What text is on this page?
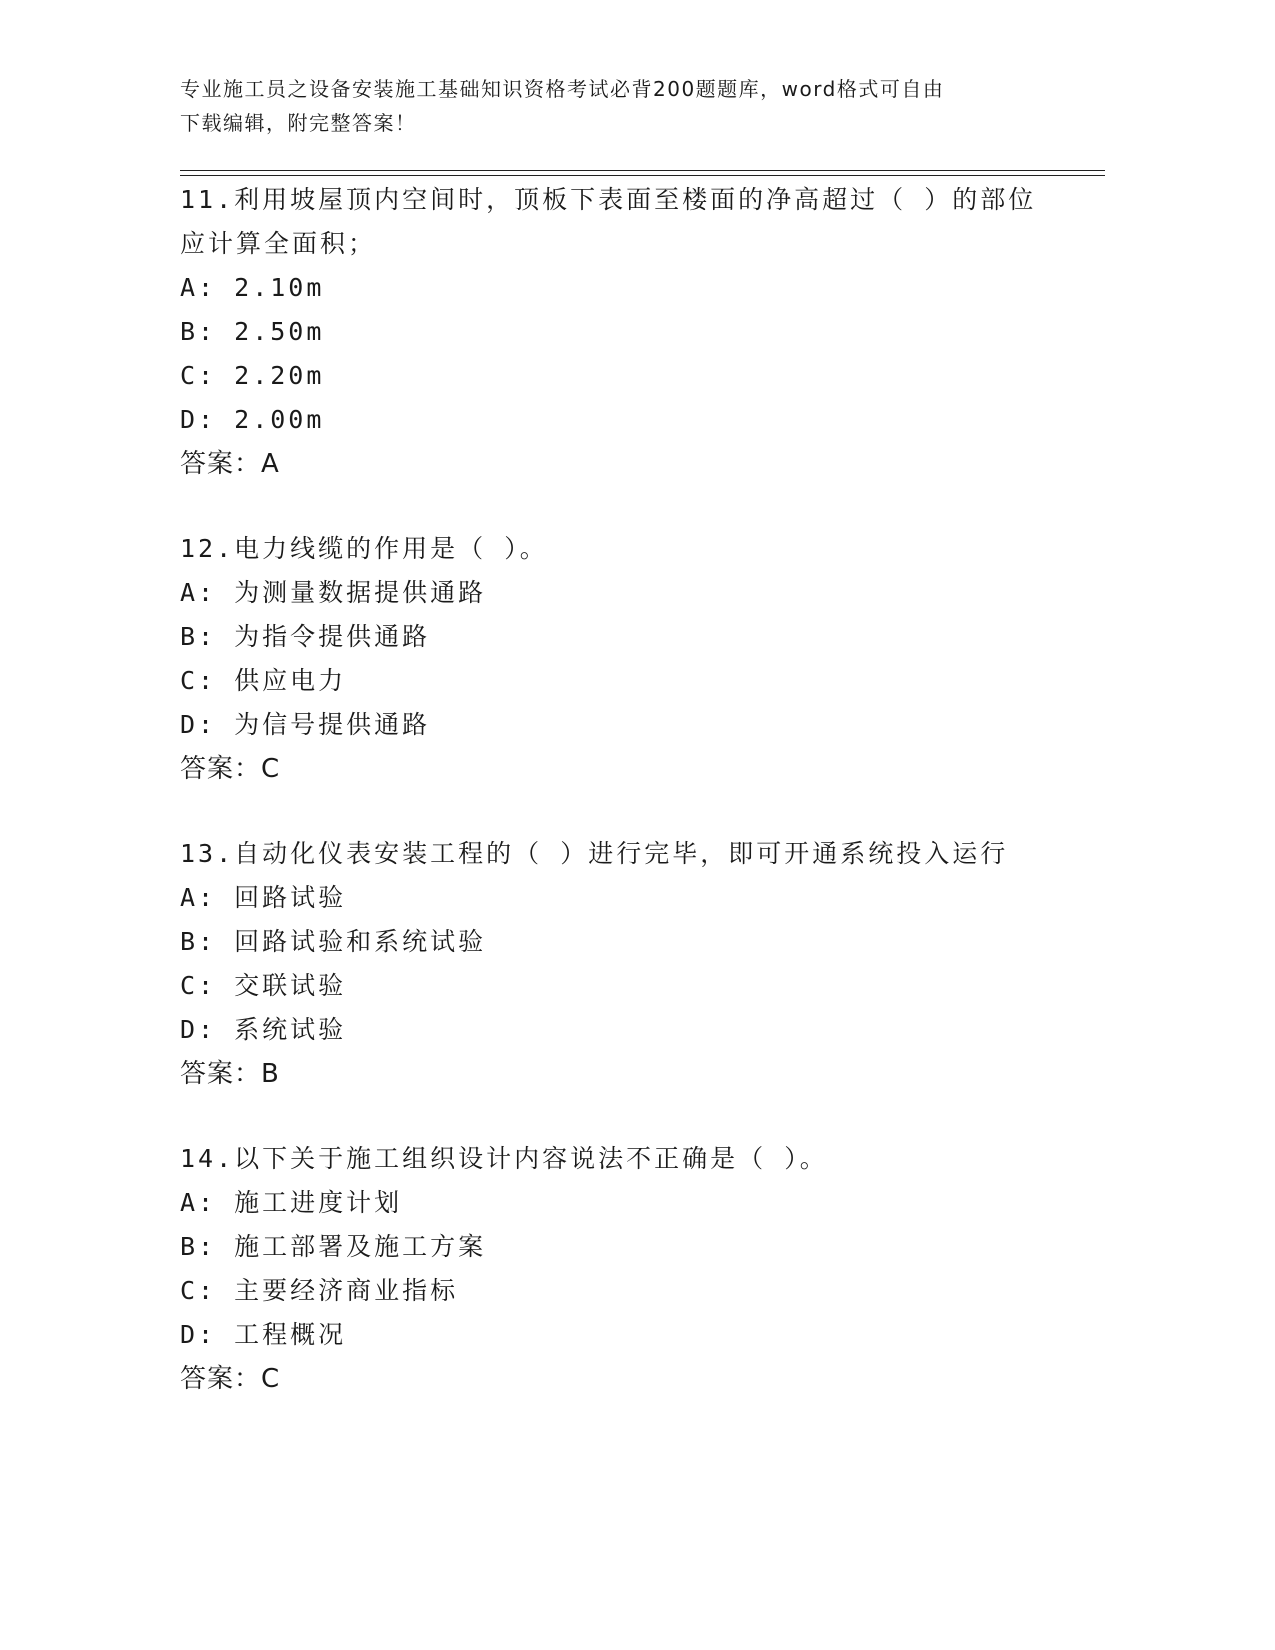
专业施工员之设备安装施工基础知识资格考试必背200题题库，word格式可自由
下载编辑，附完整答案！
11.利用坡屋顶内空间时，顶板下表面至楼面的净高超过（ ）的部位
应计算全面积；
A: 2.10m
B: 2.50m
C: 2.20m
D: 2.00m
答案：A
12.电力线缆的作用是（ ）。
A: 为测量数据提供通路
B: 为指令提供通路
C: 供应电力
D: 为信号提供通路
答案：C
13.自动化仪表安装工程的（ ）进行完毕，即可开通系统投入运行
A: 回路试验
B: 回路试验和系统试验
C: 交联试验
D: 系统试验
答案：B
14.以下关于施工组织设计内容说法不正确是（ ）。
A: 施工进度计划
B: 施工部署及施工方案
C: 主要经济商业指标
D: 工程概况
答案：C
